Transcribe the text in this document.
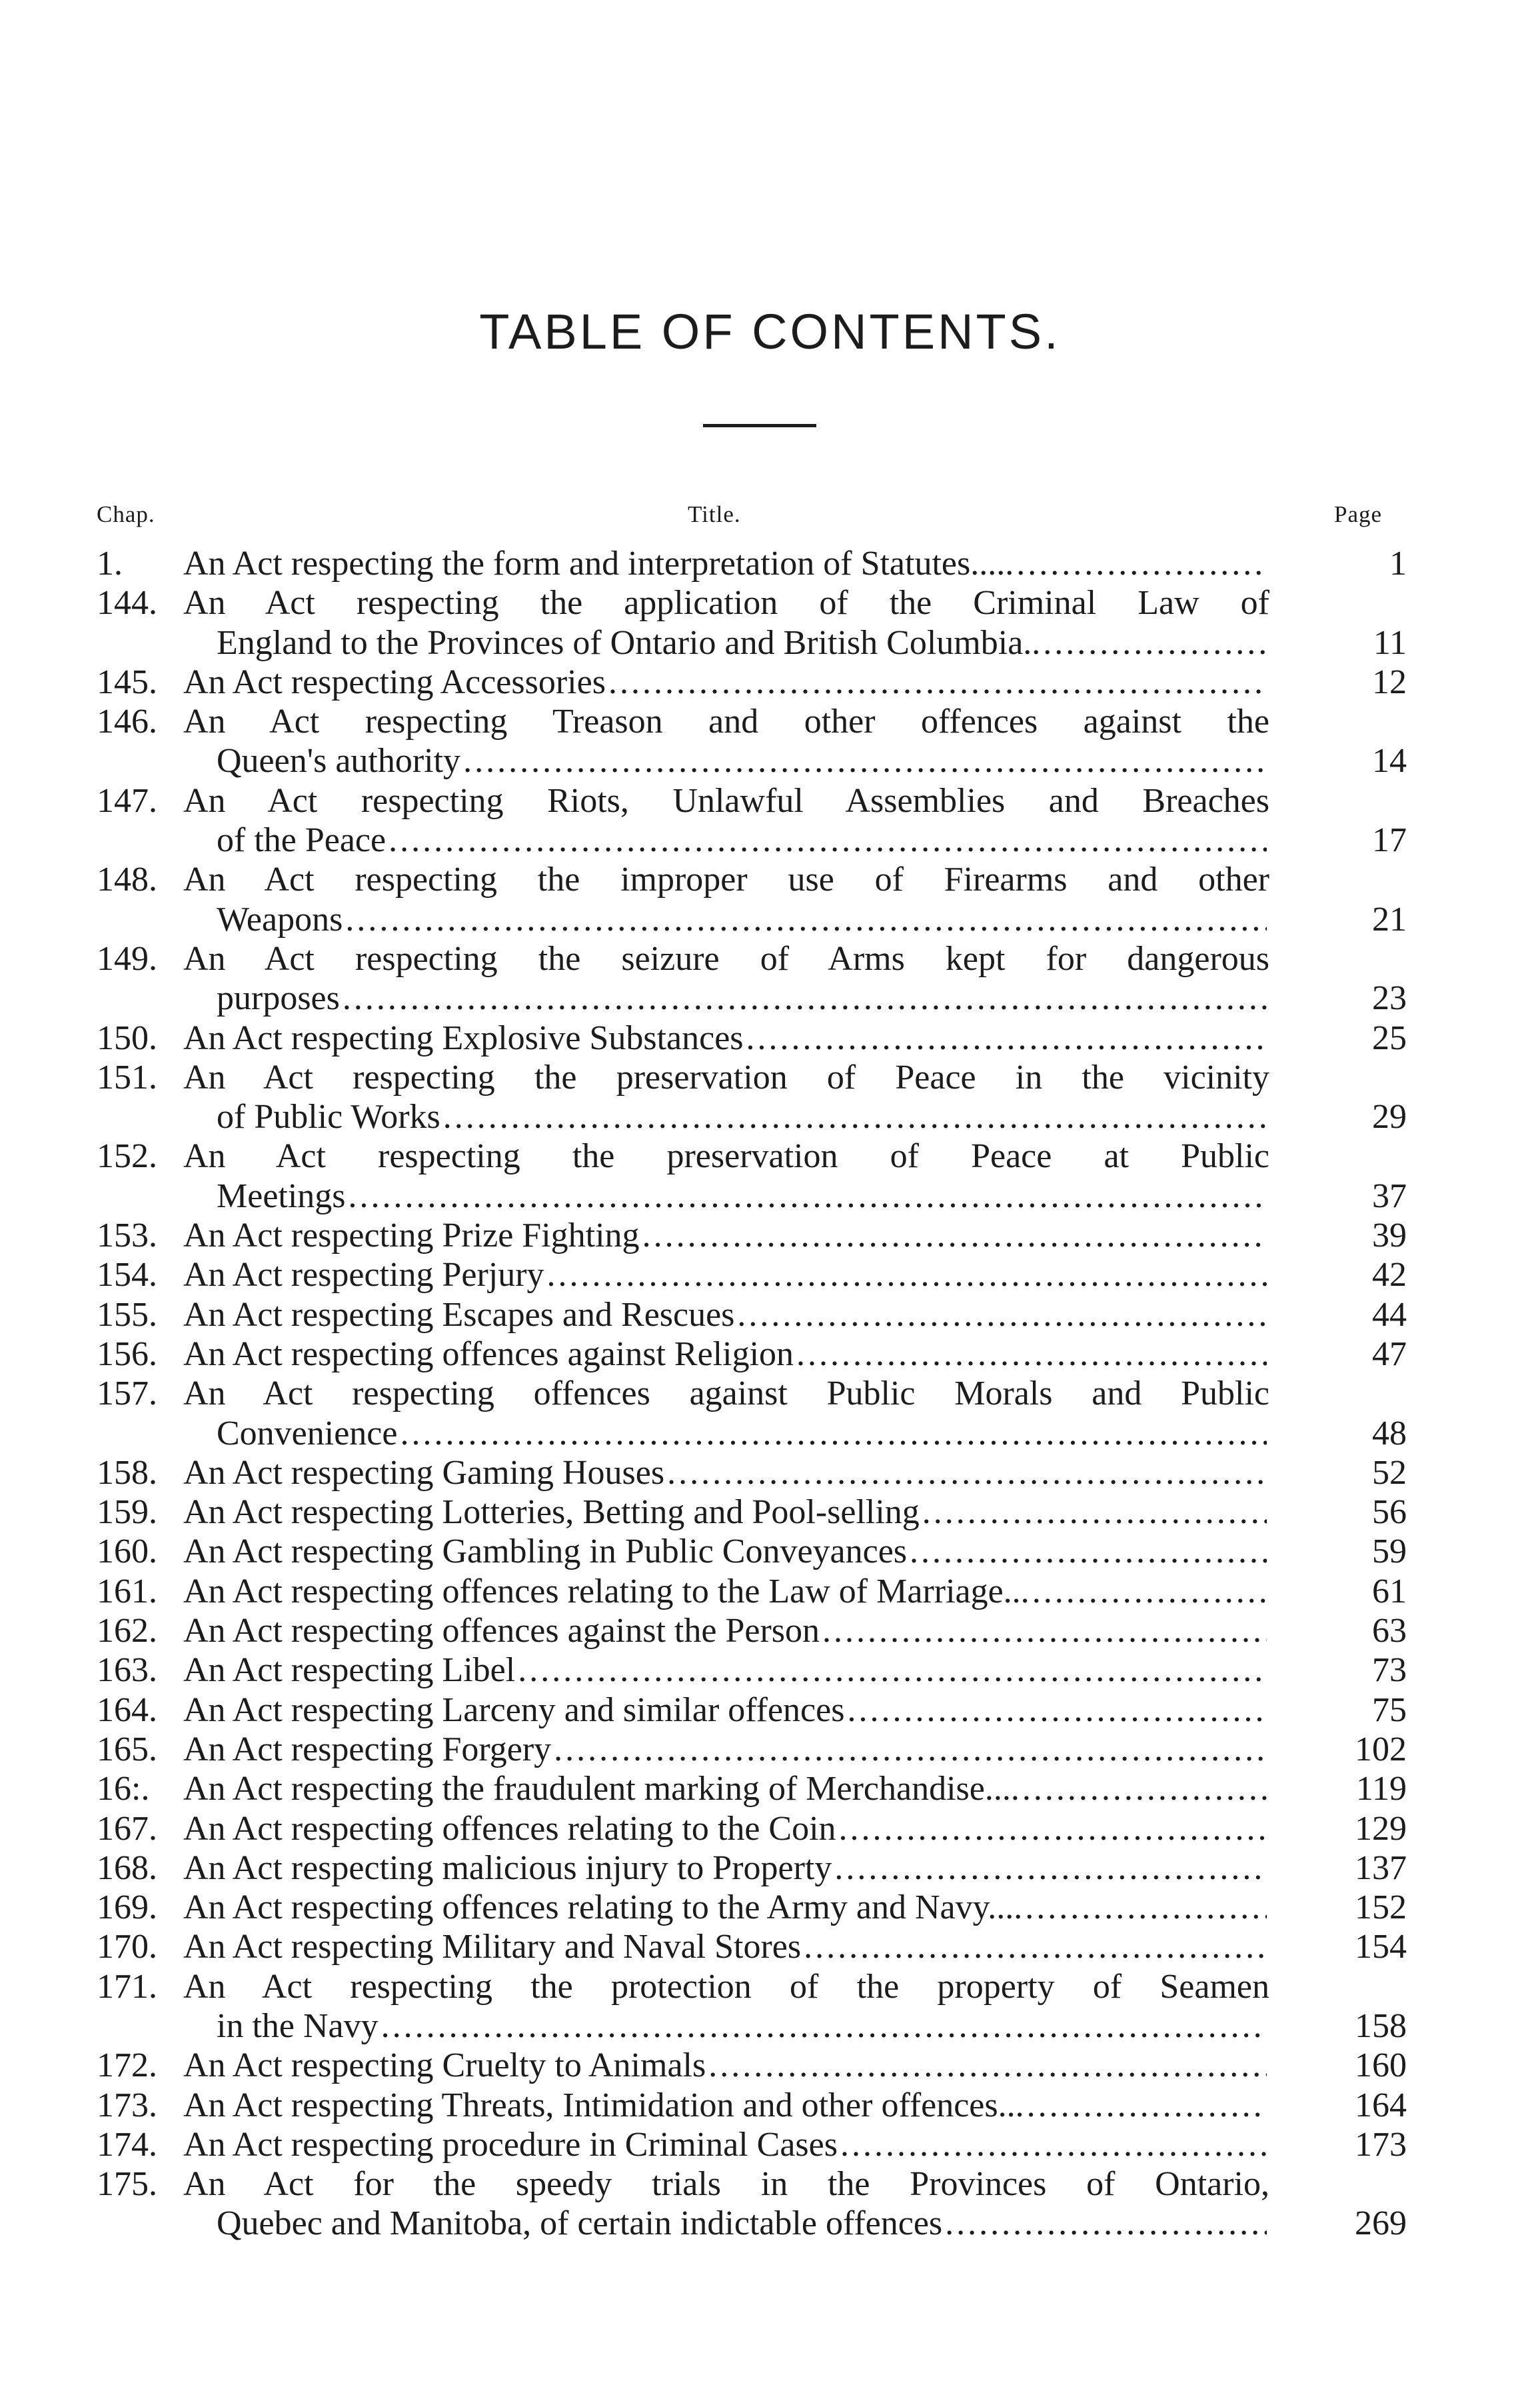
TABLE OF CONTENTS.
Chap.	Title.	Page
1. An Act respecting the form and interpretation of Statutes..... .....	1
144. An Act respecting the application of the Criminal Law of
England to the Provinces of Ontario and British Columbia.. .....	11
145. An Act respecting Accessories .....	12
146. An Act respecting Treason and other offences against the
Queen's authority .....	14
147. An Act respecting Riots, Unlawful Assemblies and Breaches
of the Peace .....	17
148. An Act respecting the improper use of Firearms and other
Weapons .....	21
149. An Act respecting the seizure of Arms kept for dangerous
purposes .....	23
150. An Act respecting Explosive Substances .....	25
151. An Act respecting the preservation of Peace in the vicinity
of Public Works .....	29
152. An Act respecting the preservation of Peace at Public
Meetings .....	37
153. An Act respecting Prize Fighting .....	39
154. An Act respecting Perjury .....	42
155. An Act respecting Escapes and Rescues .....	44
156. An Act respecting offences against Religion .....	47
157. An Act respecting offences against Public Morals and Public
Convenience .....	48
158. An Act respecting Gaming Houses .....	52
159. An Act respecting Lotteries, Betting and Pool-selling .....	56
160. An Act respecting Gambling in Public Conveyances .....	59
161. An Act respecting offences relating to the Law of Marriage... .....	61
162. An Act respecting offences against the Person .....	63
163. An Act respecting Libel .....	73
164. An Act respecting Larceny and similar offences .....	75
165. An Act respecting Forgery .....	102
16:. An Act respecting the fraudulent marking of Merchandise.... .....	119
167. An Act respecting offences relating to the Coin .....	129
168. An Act respecting malicious injury to Property .....	137
169. An Act respecting offences relating to the Army and Navy.... .....	152
170. An Act respecting Military and Naval Stores .....	154
171. An Act respecting the protection of the property of Seamen
in the Navy .....	158
172. An Act respecting Cruelty to Animals .....	160
173. An Act respecting Threats, Intimidation and other offences... .....	164
174. An Act respecting procedure in Criminal Cases .....	173
175. An Act for the speedy trials in the Provinces of Ontario,
Quebec and Manitoba, of certain indictable offences .....	269
